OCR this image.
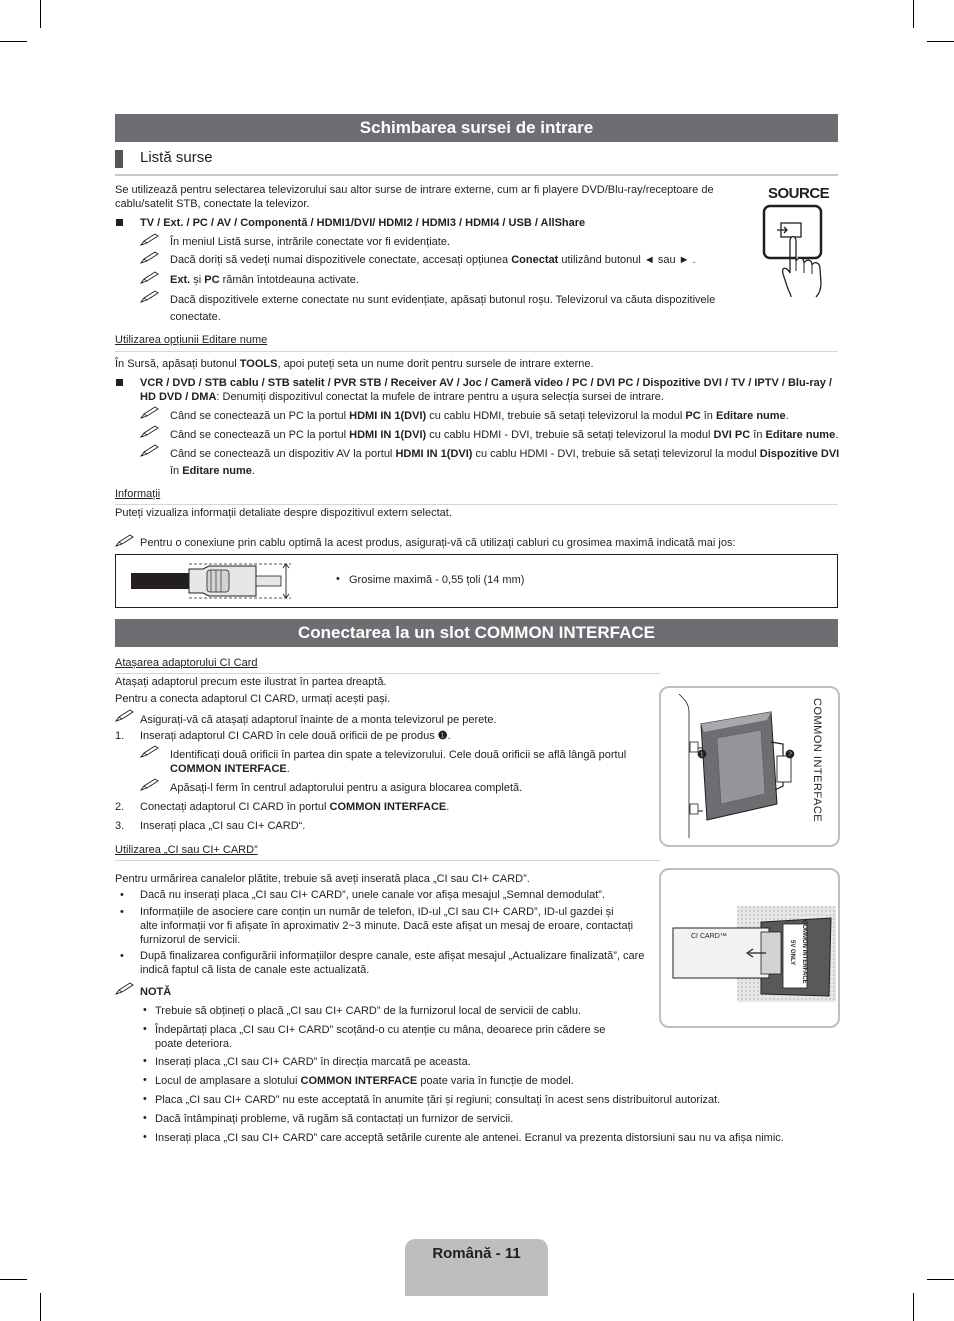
Schimbarea sursei de intrare
Listă surse
Se utilizează pentru selectarea televizorului sau altor surse de intrare externe, cum ar fi playere DVD/Blu-ray/receptoare de
cablu/satelit STB, conectate la televizor.
TV / Ext. / PC / AV / Componentă / HDMI1/DVI/ HDMI2 / HDMI3 / HDMI4 / USB / AllShare
În meniul Listă surse, intrările conectate vor fi evidențiate.
Dacă doriți să vedeți numai dispozitivele conectate, accesați opțiunea Conectat utilizând butonul ◄ sau ► .
Ext. și PC rămân întotdeauna activate.
Dacă dispozitivele externe conectate nu sunt evidențiate, apăsați butonul roșu. Televizorul va căuta dispozitivele
conectate.
SOURCE
Utilizarea opțiunii Editare nume
În Sursă, apăsați butonul TOOLS, apoi puteți seta un nume dorit pentru sursele de intrare externe.
VCR / DVD / STB cablu / STB satelit / PVR STB / Receiver AV / Joc / Cameră video / PC / DVI PC / Dispozitive DVI / TV / IPTV / Blu-ray /
HD DVD / DMA: Denumiți dispozitivul conectat la mufele de intrare pentru a ușura selecția sursei de intrare.
Când se conectează un PC la portul HDMI IN 1(DVI) cu cablu HDMI, trebuie să setați televizorul la modul PC în Editare nume.
Când se conectează un PC la portul HDMI IN 1(DVI) cu cablu HDMI - DVI, trebuie să setați televizorul la modul DVI PC în Editare nume.
Când se conectează un dispozitiv AV la portul HDMI IN 1(DVI) cu cablu HDMI - DVI, trebuie să setați televizorul la modul Dispozitive DVI
în Editare nume.
Informații
Puteți vizualiza informații detaliate despre dispozitivul extern selectat.
Pentru o conexiune prin cablu optimă la acest produs, asigurați-vă că utilizați cabluri cu grosimea maximă indicată mai jos:
• Grosime maximă - 0,55 țoli (14 mm)
Conectarea la un slot COMMON INTERFACE
Atașarea adaptorului CI Card
Atașați adaptorul precum este ilustrat în partea dreaptă.
Pentru a conecta adaptorul CI CARD, urmați acești pași.
Asigurați-vă că atașați adaptorul înainte de a monta televizorul pe perete.
1. Inserați adaptorul CI CARD în cele două orificii de pe produs ❶.
Identificați două orificii în partea din spate a televizorului. Cele două orificii se află lângă portul
COMMON INTERFACE.
Apăsați-l ferm în centrul adaptorului pentru a asigura blocarea completă.
2. Conectați adaptorul CI CARD în portul COMMON INTERFACE.
3. Inserați placa „CI sau CI+ CARD“.
❶	❷	COMMON INTERFACE
Utilizarea „CI sau CI+ CARD”
Pentru urmărirea canalelor plătite, trebuie să aveți inserată placa „CI sau CI+ CARD”.
• Dacă nu inserați placa „CI sau CI+ CARD”, unele canale vor afișa mesajul „Semnal demodulat”.
• Informațiile de asociere care conțin un număr de telefon, ID-ul „CI sau CI+ CARD”, ID-ul gazdei și
alte informații vor fi afișate în aproximativ 2~3 minute. Dacă este afișat un mesaj de eroare, contactați
furnizorul de servicii.
• După finalizarea configurării informațiilor despre canale, este afișat mesajul „Actualizare finalizată”, care
indică faptul că lista de canale este actualizată.
NOTĂ
• Trebuie să obțineți o placă „CI sau CI+ CARD” de la furnizorul local de servicii de cablu.
• Îndepărtați placa „CI sau CI+ CARD” scoțând-o cu atenție cu mâna, deoarece prin cădere se
poate deteriora.
• Inserați placa „CI sau CI+ CARD” în direcția marcată pe aceasta.
• Locul de amplasare a slotului COMMON INTERFACE poate varia în funcție de model.
• Placa „CI sau CI+ CARD” nu este acceptată în anumite țări și regiuni; consultați în acest sens distribuitorul autorizat.
• Dacă întâmpinați probleme, vă rugăm să contactați un furnizor de servicii.
• Inserați placa „CI sau CI+ CARD” care acceptă setările curente ale antenei. Ecranul va prezenta distorsiuni sau nu va afișa nimic.
CI CARD™	COMMON INTERFACE
5V ONLY
Română - 11
